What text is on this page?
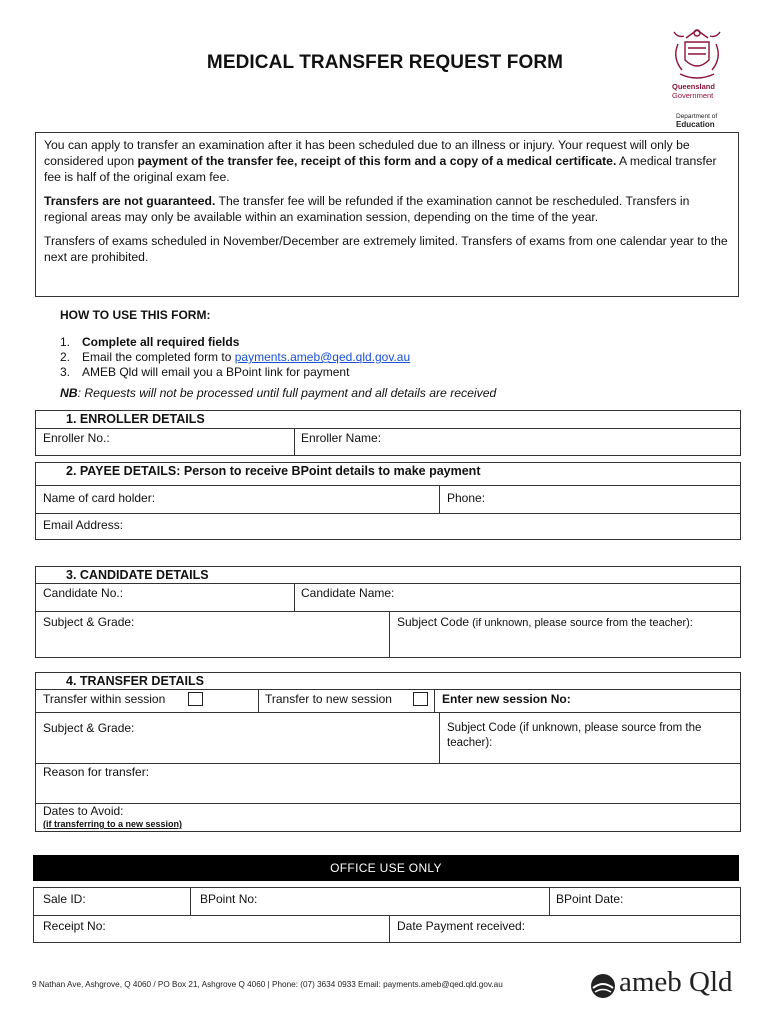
MEDICAL TRANSFER REQUEST FORM
Queensland
Government
Department of
Education

You can apply to transfer an examination after it has been scheduled due to an illness or injury. Your request will only be considered upon payment of the transfer fee, receipt of this form and a copy of a medical certificate. A medical transfer fee is half of the original exam fee.

Transfers are not guaranteed. The transfer fee will be refunded if the examination cannot be rescheduled. Transfers in regional areas may only be available within an examination session, depending on the time of the year.

Transfers of exams scheduled in November/December are extremely limited. Transfers of exams from one calendar year to the next are prohibited.

HOW TO USE THIS FORM:
1. Complete all required fields
2. Email the completed form to payments.ameb@qed.qld.gov.au
3. AMEB Qld will email you a BPoint link for payment
NB: Requests will not be processed until full payment and all details are received
1. ENROLLER DETAILS
Enroller No.:	Enroller Name:
2. PAYEE DETAILS: Person to receive BPoint details to make payment
Name of card holder:	Phone:
Email Address:
3. CANDIDATE DETAILS
Candidate No.:	Candidate Name:
Subject & Grade:	Subject Code (if unknown, please source from the teacher):
4. TRANSFER DETAILS
Transfer within session	Transfer to new session	Enter new session No:
Subject & Grade:	Subject Code (if unknown, please source from the teacher):
Reason for transfer:
Dates to Avoid:
(if transferring to a new session)
OFFICE USE ONLY
Sale ID:	BPoint No:	BPoint Date:
Receipt No:	Date Payment received:
9 Nathan Ave, Ashgrove, Q 4060 / PO Box 21, Ashgrove Q 4060 | Phone: (07) 3634 0933 Email: payments.ameb@qed.qld.gov.au	ameb Qld
